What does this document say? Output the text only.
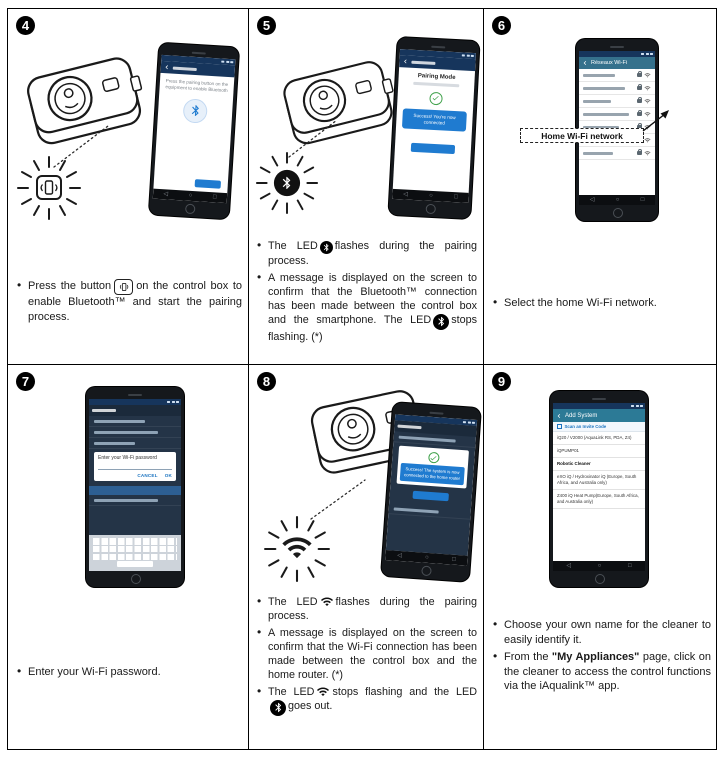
4
Press the pairing button on the equipment to enable Bluetooth
◁	○	□
• Press the button on the control box to enable Bluetooth™ and start the pairing process.
5
Pairing Mode
Success! You're now connected
◁	○	□
• The LED flashes during the pairing process.
• A message is displayed on the screen to confirm that the Bluetooth™ connection has been made between the control box and the smartphone. The LED stops flashing. (*)
6
Réseaux Wi-Fi
◁	○	□
Home Wi-Fi network
• Select the home Wi-Fi network.
7
Enter your Wi-Fi password
CANCEL OK
• Enter your Wi-Fi password.
8
Success! The system is now connected to the home router
◁	○	□
• The LED flashes during the pairing process.
• A message is displayed on the screen to confirm that the Wi-Fi connection has been made between the control box and the home router. (*)
• The LED stops flashing and the LED
goes out.
9
Add System
Scan an Invite Code
iQ20 / V2000 (AquaLink RS, PDA, Z4)
iQPUMP01
Robotic Cleaner
eXO iQ / Hydroxinator iQ (Europe, South Africa, and Australia only)
Z400 iQ Heat Pump(Europe, South Africa, and Australia only)
◁	○	□
• Choose your own name for the cleaner to easily identify it.
• From the "My Appliances" page, click on the cleaner to access the control functions via the iAqualink™ app.
